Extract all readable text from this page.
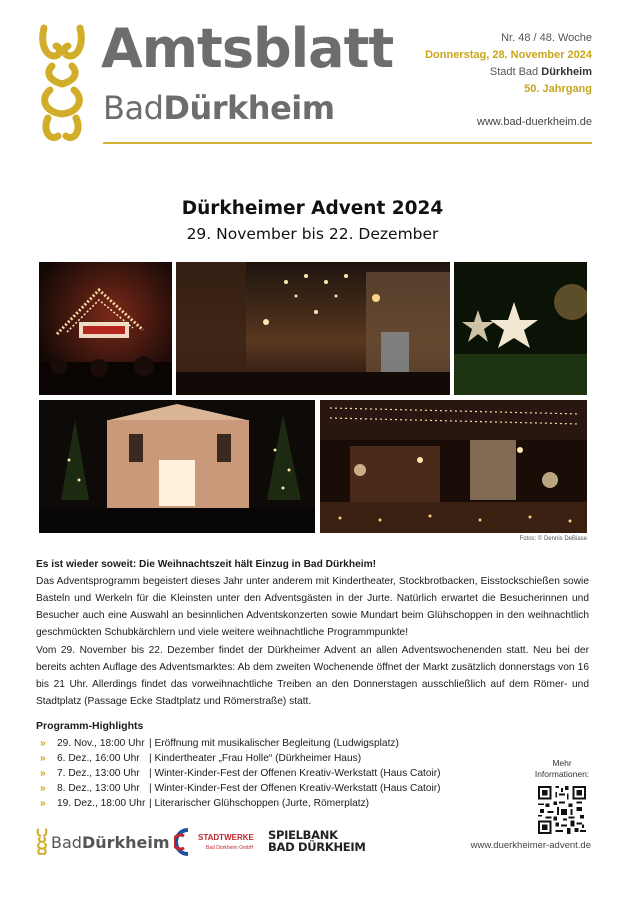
Amtsblatt
BadDürkheim
Nr. 48 / 48. Woche
Donnerstag, 28. November 2024
Stadt Bad Dürkheim
50. Jahrgang
www.bad-duerkheim.de
Dürkheimer Advent 2024
29. November bis 22. Dezember
Fotos: © Dennis DeBiase
Es ist wieder soweit: Die Weihnachtszeit hält Einzug in Bad Dürkheim!
Das Adventsprogramm begeistert dieses Jahr unter anderem mit Kindertheater, Stockbrotbacken, Eisstockschießen sowie Basteln und Werkeln für die Kleinsten unter den Adventsgästen in der Jurte. Natürlich erwartet die Besucherinnen und Besucher auch eine Auswahl an besinnlichen Adventskonzerten sowie Mundart beim Glühschoppen in den weihnachtlich geschmückten Schubkärchlern und viele weitere weihnachtliche Programmpunkte!
Vom 29. November bis 22. Dezember findet der Dürkheimer Advent an allen Adventswochenenden statt. Neu bei der bereits achten Auflage des Adventsmarktes: Ab dem zweiten Wochenende öffnet der Markt zusätzlich donnerstags von 16 bis 21 Uhr. Allerdings findet das vorweihnachtliche Treiben an den Donnerstagen ausschließlich auf dem Römer- und Stadtplatz (Passage Ecke Stadtplatz und Römerstraße) statt.
Programm-Highlights
»	29. Nov., 18:00 Uhr | Eröffnung mit musikalischer Begleitung (Ludwigsplatz)
»	6. Dez., 16:00 Uhr | Kindertheater „Frau Holle“ (Dürkheimer Haus)
»	7. Dez., 13:00 Uhr | Winter-Kinder-Fest der Offenen Kreativ-Werkstatt (Haus Catoir)
»	8. Dez., 13:00 Uhr | Winter-Kinder-Fest der Offenen Kreativ-Werkstatt (Haus Catoir)
»	19. Dez., 18:00 Uhr | Literarischer Glühschoppen (Jurte, Römerplatz)
Mehr
Informationen:
BadDürkheim	STADTWERKE
Bad Dürkheim GmbH
SPIELBANK
BAD DÜRKHEIM	www.duerkheimer-advent.de
